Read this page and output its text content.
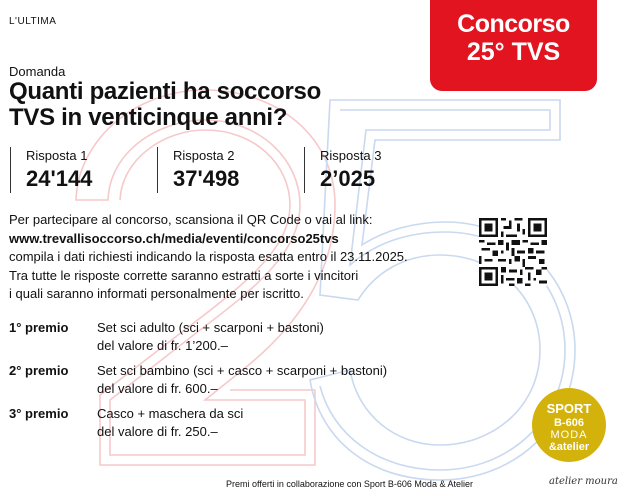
L'ULTIMA	Concorso
25° TVS
Domanda
Quanti pazienti ha soccorso
TVS in venticinque anni?
Risposta 1
24'144
Risposta 2
37'498
Risposta 3
2’025
Per partecipare al concorso, scansiona il QR Code o vai al link:
www.trevallisoccorso.ch/media/eventi/concorso25tvs
compila i dati richiesti indicando la risposta esatta entro il 23.11.2025.
Tra tutte le risposte corrette saranno estratti a sorte i vincitori
i quali saranno informati personalmente per iscritto.
1° premio Set sci adulto (sci + scarponi + bastoni)
del valore di fr. 1’200.–
2° premio Set sci bambino (sci + casco + scarponi + bastoni)
del valore di fr. 600.–
3° premio Casco + maschera da sci
del valore di fr. 250.–
SPORT
B-606
MODA
&atelier
Premi offerti in collaborazione con Sport B-606 Moda & Atelier	atelier moura
